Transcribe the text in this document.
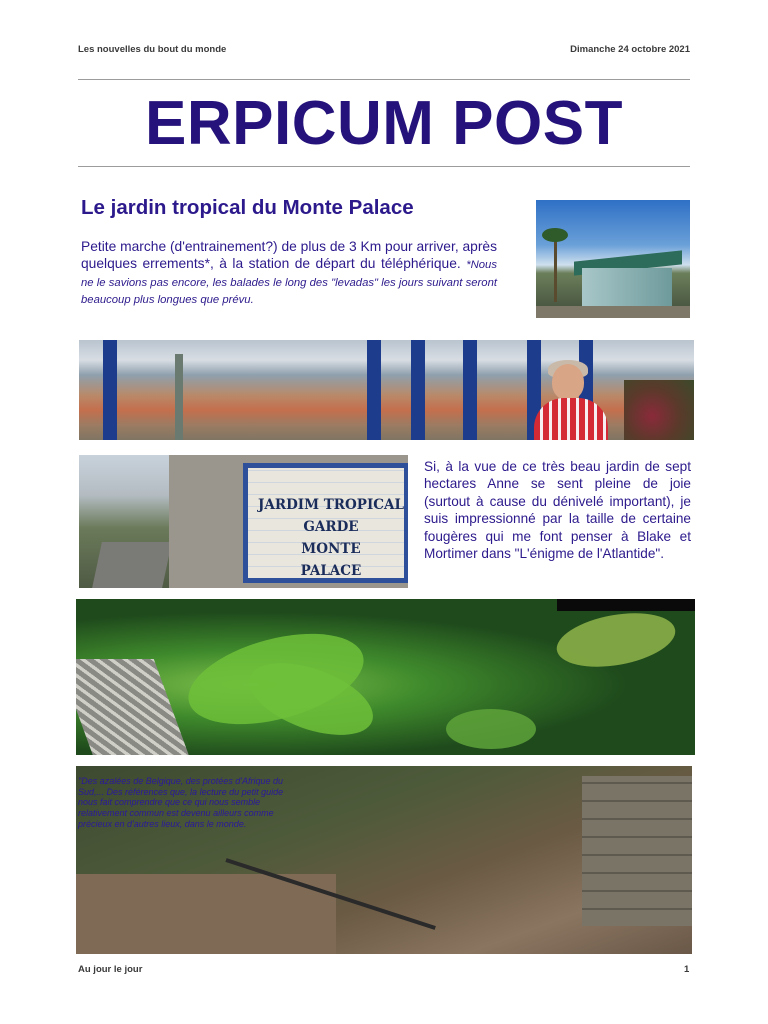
Les nouvelles du bout du monde	Dimanche 24 octobre 2021
ERPICUM POST
Le jardin tropical du Monte Palace
Petite marche (d'entrainement?) de plus de 3 Km pour arriver, après quelques errements*, à la station de départ du téléphérique. *Nous ne le savions pas encore, les balades le long des "levadas" les jours suivant seront beaucoup plus longues que prévu.
JARDIM TROPICAL GARDE
MONTE
PALACE
Si, à la vue de ce très beau jardin de sept hectares Anne se sent pleine de joie (surtout à cause du dénivelé important), je suis impressionné par la taille de certaine fougères qui me font penser à Blake et Mortimer dans "L'énigme de l'Atlantide".
"Des azalées de Belgique, des protées d'Afrique du Sud,... Des références que, la lecture du petit guide nous fait comprendre que ce qui nous semble relativement commun est devenu ailleurs comme précieux en d'autres lieux, dans le monde.
Au jour le jour	1
